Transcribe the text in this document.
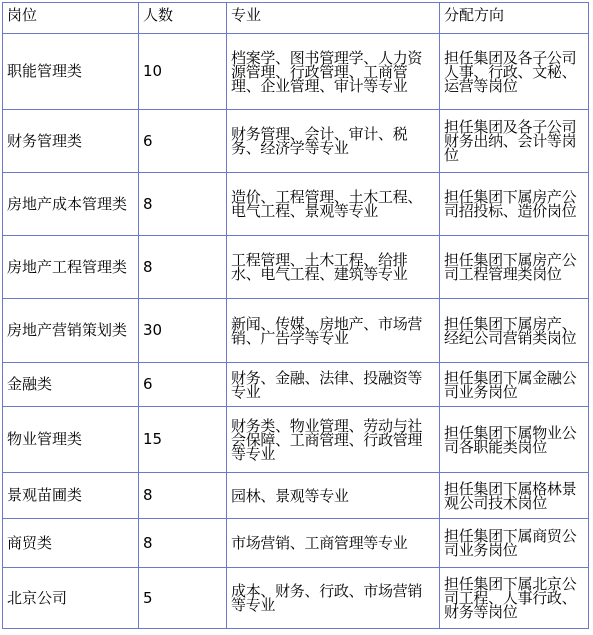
岗位	人数	专业	分配方向
职能管理类	10	档案学、图书管理学、人力资源管理、行政管理、工商管理、企业管理、审计等专业	担任集团及各子公司人事、行政、文秘、运营等岗位
财务管理类	6	财务管理、会计、审计、税务、经济学等专业	担任集团及各子公司财务出纳、会计等岗位
房地产成本管理类	8	造价、工程管理、土木工程、电气工程、景观等专业	担任集团下属房产公司招投标、造价岗位
房地产工程管理类	8	工程管理、土木工程、给排水、电气工程、建筑等专业	担任集团下属房产公司工程管理类岗位
房地产营销策划类	30	新闻、传媒、房地产、市场营销、广告学等专业	担任集团下属房产、经纪公司营销类岗位
金融类	6	财务、金融、法律、投融资等专业	担任集团下属金融公司业务岗位
物业管理类	15	财务类、物业管理、劳动与社会保障、工商管理、行政管理等专业	担任集团下属物业公司各职能类岗位
景观苗圃类	8	园林、景观等专业	担任集团下属格林景观公司技术岗位
商贸类	8	市场营销、工商管理等专业	担任集团下属商贸公司业务岗位
北京公司	5	成本、财务、行政、市场营销等专业	担任集团下属北京公司工程、人事行政、财务等岗位
